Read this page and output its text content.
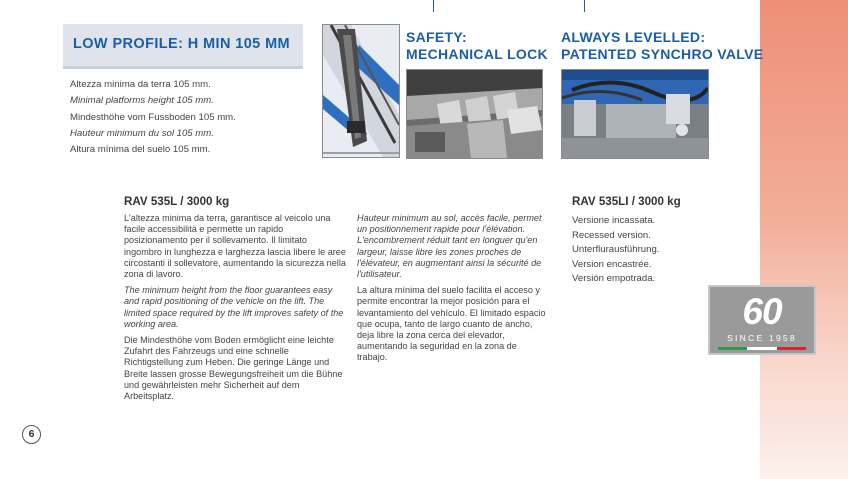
LOW PROFILE: H MIN 105 MM
Altezza minima da terra 105 mm.
Minimal platforms height 105 mm.
Mindesthöhe vom Fussboden 105 mm.
Hauteur minimum du sol 105 mm.
Altura mínima del suelo 105 mm.
SAFETY:
MECHANICAL LOCK
ALWAYS LEVELLED:
PATENTED SYNCHRO VALVE
RAV 535L / 3000 kg

L'altezza minima da terra, garantisce al veicolo una facile accessibilità e permette un rapido posizionamento per il sollevamento. Il limitato ingombro in lunghezza e larghezza lascia libere le aree circostanti il sollevatore, aumentando la sicurezza nella zona di lavoro.

The minimum height from the floor guarantees easy and rapid positioning of the vehicle on the lift. The limited space required by the lift improves safety of the working area.

Die Mindesthöhe vom Boden ermöglicht eine leichte Zufahrt des Fahrzeugs und eine schnelle Richtigstellung zum Heben. Die geringe Länge und Breite lassen grosse Bewegungsfreiheit um die Bühne und gewährleisten mehr Sicherheit auf dem Arbeitsplatz.

Hauteur minimum au sol, accès facile, permet un positionnement rapide pour l'élévation. L'encombrement réduit tant en longuer qu'en largeur, laisse libre les zones proches de l'élévateur, en augmentant ainsi la sécurité de l'utilisateur.

La altura mínima del suelo facilita el acceso y permite encontrar la mejor posición para el levantamiento del vehículo. El limitado espacio que ocupa, tanto de largo cuanto de ancho, deja libre la zona cerca del elevador, aumentando la seguridad en la zona de trabajo.

RAV 535LI / 3000 kg
Versione incassata.
Recessed version.
Unterflurausführung.
Version encastrée.
Versión empotrada.
60
SINCE 1958
6
